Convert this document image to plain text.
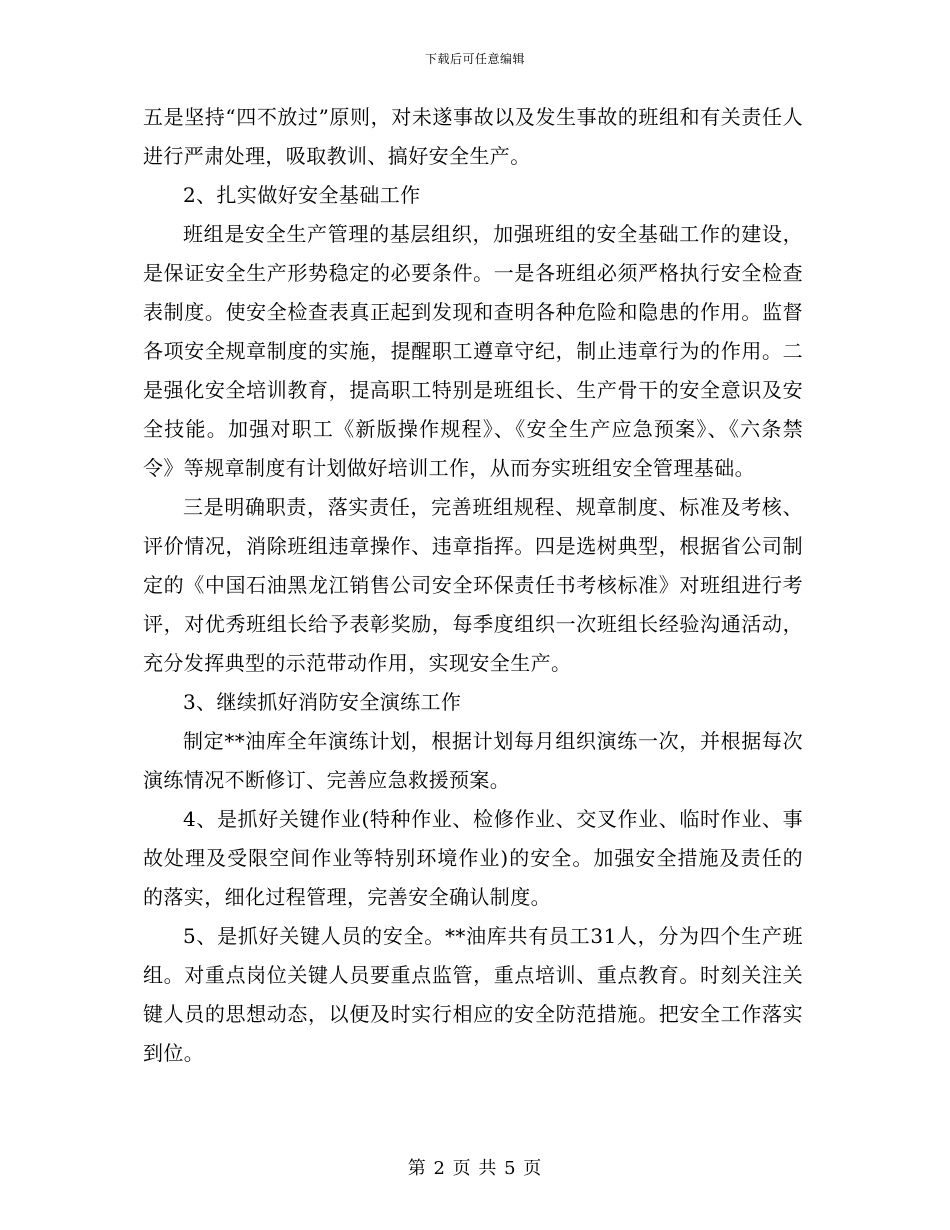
下载后可任意编辑

五是坚持“四不放过”原则，对未遂事故以及发生事故的班组和有关责任人进行严肃处理，吸取教训、搞好安全生产。

2、扎实做好安全基础工作

班组是安全生产管理的基层组织，加强班组的安全基础工作的建设，是保证安全生产形势稳定的必要条件。一是各班组必须严格执行安全检查表制度。使安全检查表真正起到发现和查明各种危险和隐患的作用。监督各项安全规章制度的实施，提醒职工遵章守纪，制止违章行为的作用。二是强化安全培训教育，提高职工特别是班组长、生产骨干的安全意识及安全技能。加强对职工《新版操作规程》、《安全生产应急预案》、《六条禁令》等规章制度有计划做好培训工作，从而夯实班组安全管理基础。

三是明确职责，落实责任，完善班组规程、规章制度、标准及考核、评价情况，消除班组违章操作、违章指挥。四是选树典型，根据省公司制定的《中国石油黑龙江销售公司安全环保责任书考核标准》对班组进行考评，对优秀班组长给予表彰奖励，每季度组织一次班组长经验沟通活动，充分发挥典型的示范带动作用，实现安全生产。

3、继续抓好消防安全演练工作

制定**油库全年演练计划，根据计划每月组织演练一次，并根据每次演练情况不断修订、完善应急救援预案。

4、是抓好关键作业(特种作业、检修作业、交叉作业、临时作业、事故处理及受限空间作业等特别环境作业)的安全。加强安全措施及责任的的落实，细化过程管理，完善安全确认制度。

5、是抓好关键人员的安全。**油库共有员工31人，分为四个生产班组。对重点岗位关键人员要重点监管，重点培训、重点教育。时刻关注关键人员的思想动态，以便及时实行相应的安全防范措施。把安全工作落实到位。

第 2 页 共 5 页
